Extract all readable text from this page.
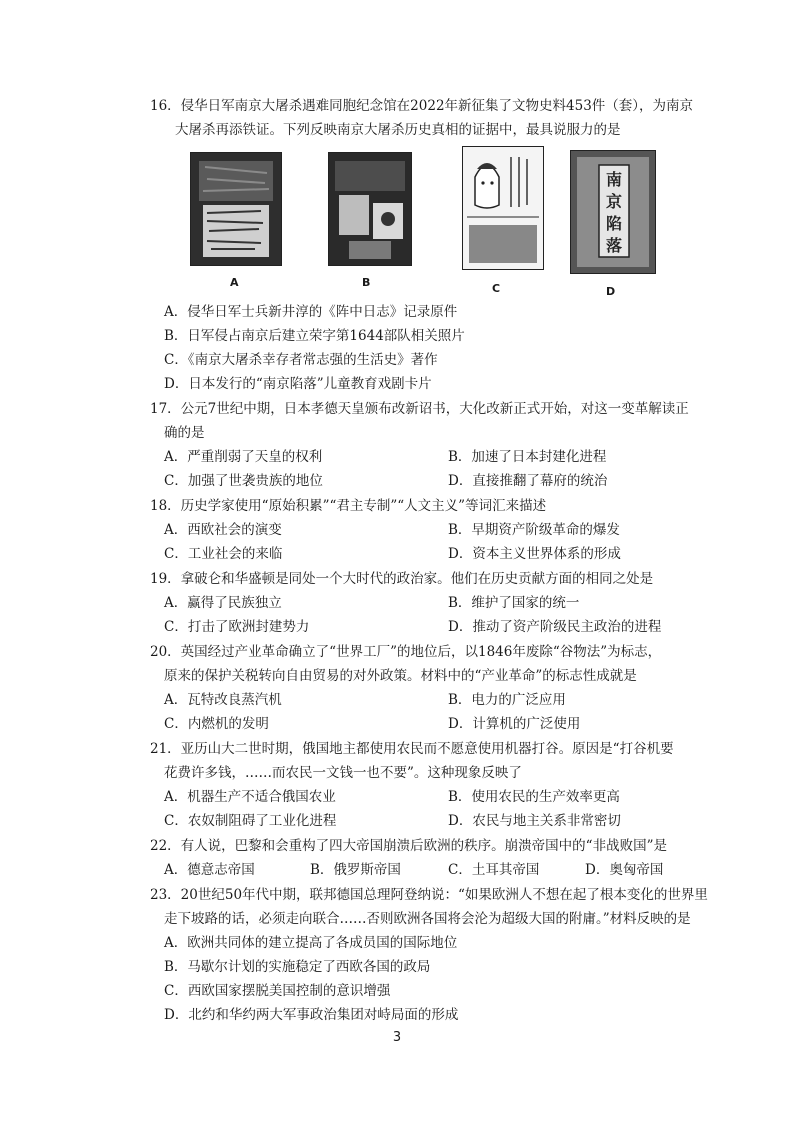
16．侵华日军南京大屠杀遇难同胞纪念馆在2022年新征集了文物史料453件（套），为南京
大屠杀再添铁证。下列反映南京大屠杀历史真相的证据中，最具说服力的是
A	B	C
南
京
陷
落
D
A．侵华日军士兵新井淳的《阵中日志》记录原件
B．日军侵占南京后建立荣字第1644部队相关照片
C．《南京大屠杀幸存者常志强的生活史》著作
D．日本发行的“南京陷落”儿童教育戏剧卡片
17．公元7世纪中期，日本孝德天皇颁布改新诏书，大化改新正式开始，对这一变革解读正
确的是
A．严重削弱了天皇的权利	B．加速了日本封建化进程
C．加强了世袭贵族的地位	D．直接推翻了幕府的统治
18．历史学家使用“原始积累”“君主专制”“人文主义”等词汇来描述
A．西欧社会的演变	B．早期资产阶级革命的爆发
C．工业社会的来临	D．资本主义世界体系的形成
19．拿破仑和华盛顿是同处一个大时代的政治家。他们在历史贡献方面的相同之处是
A．赢得了民族独立	B．维护了国家的统一
C．打击了欧洲封建势力	D．推动了资产阶级民主政治的进程
20．英国经过产业革命确立了“世界工厂”的地位后，以1846年废除“谷物法”为标志，
原来的保护关税转向自由贸易的对外政策。材料中的“产业革命”的标志性成就是
A．瓦特改良蒸汽机	B．电力的广泛应用
C．内燃机的发明	D．计算机的广泛使用
21．亚历山大二世时期，俄国地主都使用农民而不愿意使用机器打谷。原因是“打谷机要
花费许多钱，……而农民一文钱一也不要”。这种现象反映了
A．机器生产不适合俄国农业	B．使用农民的生产效率更高
C．农奴制阻碍了工业化进程	D．农民与地主关系非常密切
22．有人说，巴黎和会重构了四大帝国崩溃后欧洲的秩序。崩溃帝国中的“非战败国”是
A．德意志帝国	B．俄罗斯帝国	C．土耳其帝国	D．奥匈帝国
23．20世纪50年代中期，联邦德国总理阿登纳说：“如果欧洲人不想在起了根本变化的世界里
走下坡路的话，必须走向联合……否则欧洲各国将会沦为超级大国的附庸。”材料反映的是
A．欧洲共同体的建立提高了各成员国的国际地位
B．马歇尔计划的实施稳定了西欧各国的政局
C．西欧国家摆脱美国控制的意识增强
D．北约和华约两大军事政治集团对峙局面的形成
3
